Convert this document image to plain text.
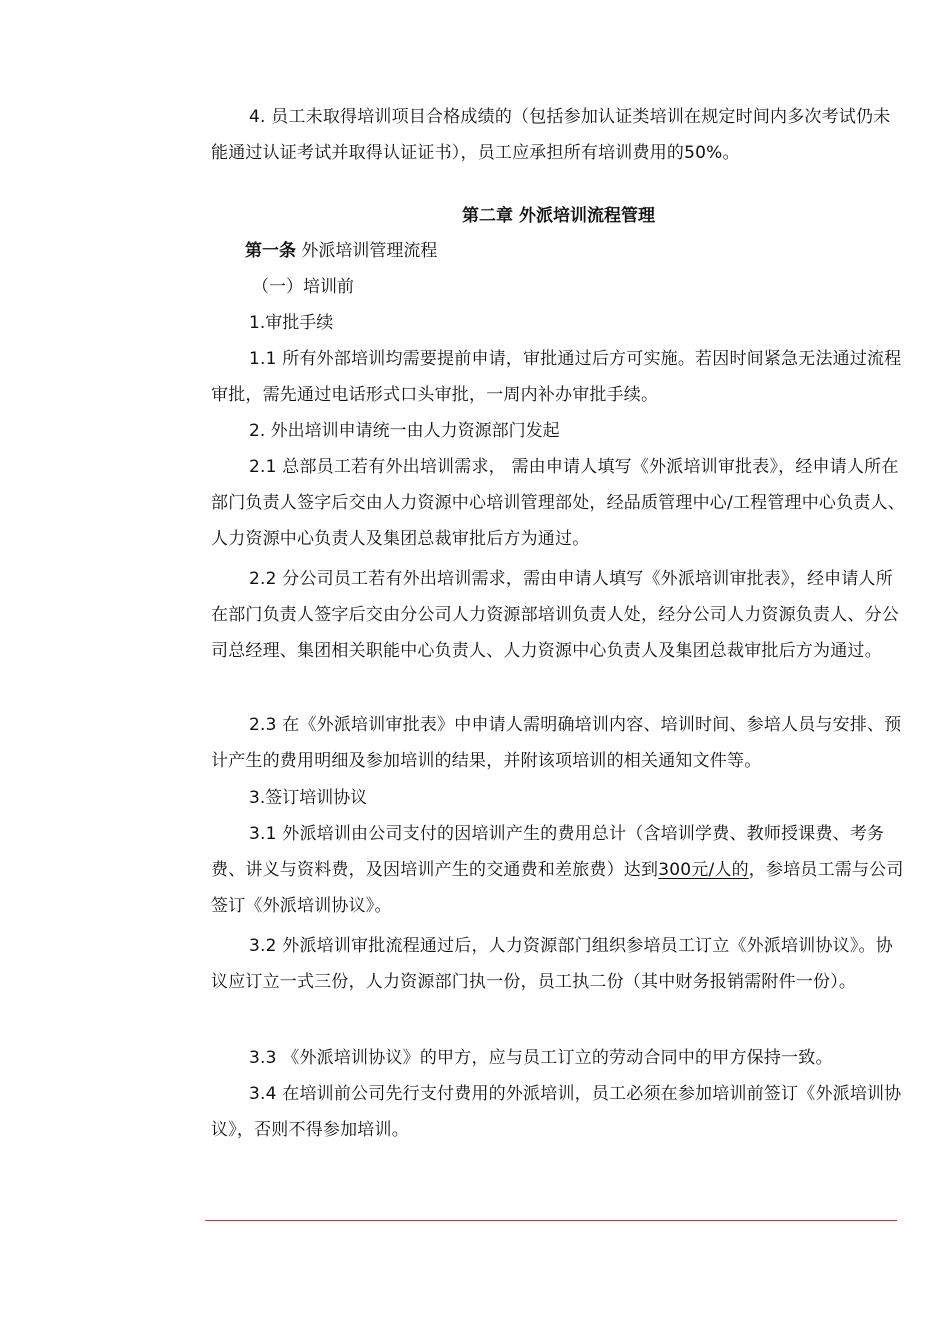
4. 员工未取得培训项目合格成绩的（包括参加认证类培训在规定时间内多次考试仍未能通过认证考试并取得认证证书），员工应承担所有培训费用的50%。
第二章 外派培训流程管理
第一条 外派培训管理流程
（一）培训前
1.审批手续
1.1 所有外部培训均需要提前申请，审批通过后方可实施。若因时间紧急无法通过流程审批，需先通过电话形式口头审批，一周内补办审批手续。
2. 外出培训申请统一由人力资源部门发起
2.1 总部员工若有外出培训需求， 需由申请人填写《外派培训审批表》，经申请人所在部门负责人签字后交由人力资源中心培训管理部处，经品质管理中心/工程管理中心负责人、人力资源中心负责人及集团总裁审批后方为通过。
2.2 分公司员工若有外出培训需求，需由申请人填写《外派培训审批表》，经申请人所在部门负责人签字后交由分公司人力资源部培训负责人处，经分公司人力资源负责人、分公司总经理、集团相关职能中心负责人、人力资源中心负责人及集团总裁审批后方为通过。
2.3 在《外派培训审批表》中申请人需明确培训内容、培训时间、参培人员与安排、预计产生的费用明细及参加培训的结果，并附该项培训的相关通知文件等。
3.签订培训协议
3.1 外派培训由公司支付的因培训产生的费用总计（含培训学费、教师授课费、考务费、讲义与资料费，及因培训产生的交通费和差旅费）达到300元/人的，参培员工需与公司签订《外派培训协议》。
3.2 外派培训审批流程通过后，人力资源部门组织参培员工订立《外派培训协议》。协议应订立一式三份，人力资源部门执一份，员工执二份（其中财务报销需附件一份）。
3.3 《外派培训协议》的甲方，应与员工订立的劳动合同中的甲方保持一致。
3.4 在培训前公司先行支付费用的外派培训，员工必须在参加培训前签订《外派培训协议》，否则不得参加培训。
